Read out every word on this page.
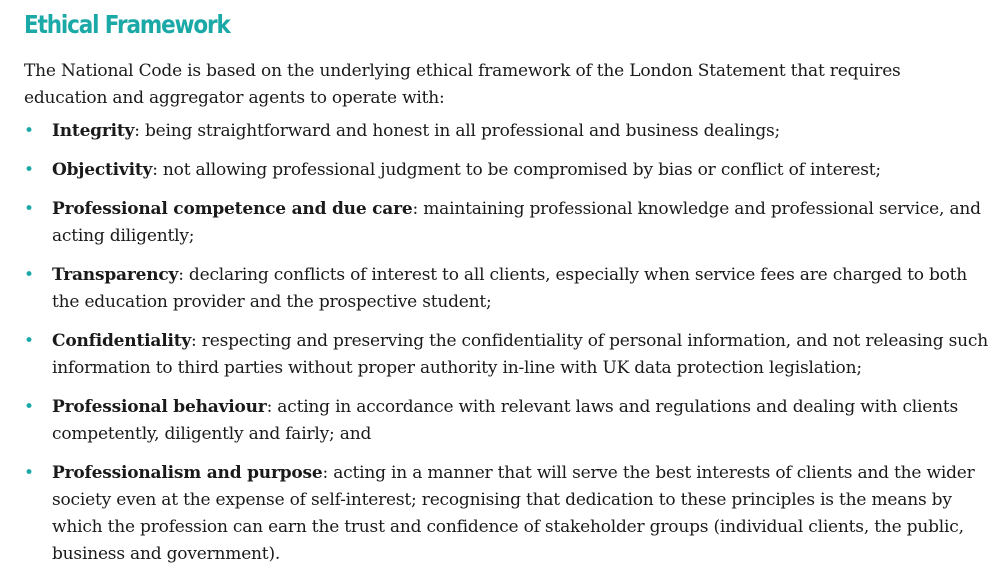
Ethical Framework

The National Code is based on the underlying ethical framework of the London Statement that requires education and aggregator agents to operate with:

• Integrity: being straightforward and honest in all professional and business dealings;
• Objectivity: not allowing professional judgment to be compromised by bias or conflict of interest;
• Professional competence and due care: maintaining professional knowledge and professional service, and acting diligently;
• Transparency: declaring conflicts of interest to all clients, especially when service fees are charged to both the education provider and the prospective student;
• Confidentiality: respecting and preserving the confidentiality of personal information, and not releasing such information to third parties without proper authority in-line with UK data protection legislation;
• Professional behaviour: acting in accordance with relevant laws and regulations and dealing with clients competently, diligently and fairly; and
• Professionalism and purpose: acting in a manner that will serve the best interests of clients and the wider society even at the expense of self-interest; recognising that dedication to these principles is the means by which the profession can earn the trust and confidence of stakeholder groups (individual clients, the public, business and government).
